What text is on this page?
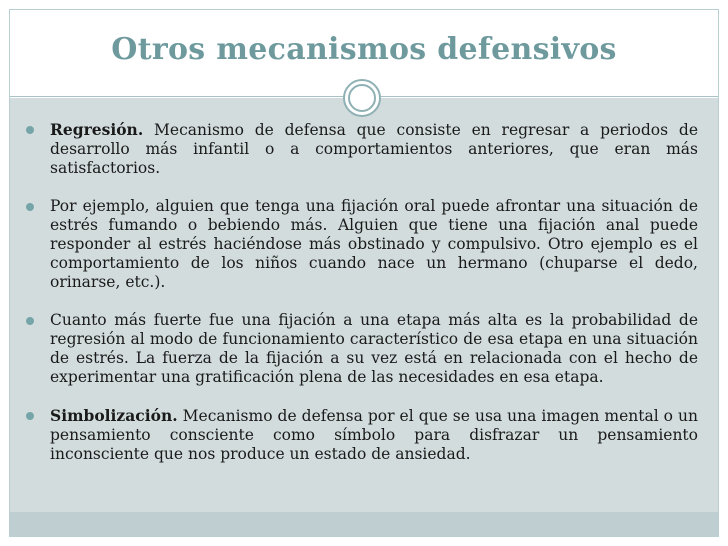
Otros mecanismos defensivos
Regresión. Mecanismo de defensa que consiste en regresar a periodos de desarrollo más infantil o a comportamientos anteriores, que eran más satisfactorios.
Por ejemplo, alguien que tenga una fijación oral puede afrontar una situación de estrés fumando o bebiendo más. Alguien que tiene una fijación anal puede responder al estrés haciéndose más obstinado y compulsivo. Otro ejemplo es el comportamiento de los niños cuando nace un hermano (chuparse el dedo, orinarse, etc.).
Cuanto más fuerte fue una fijación a una etapa más alta es la probabilidad de regresión al modo de funcionamiento característico de esa etapa en una situación de estrés. La fuerza de la fijación a su vez está en relacionada con el hecho de experimentar una gratificación plena de las necesidades en esa etapa.
Simbolización. Mecanismo de defensa por el que se usa una imagen mental o un pensamiento consciente como símbolo para disfrazar un pensamiento inconsciente que nos produce un estado de ansiedad.
